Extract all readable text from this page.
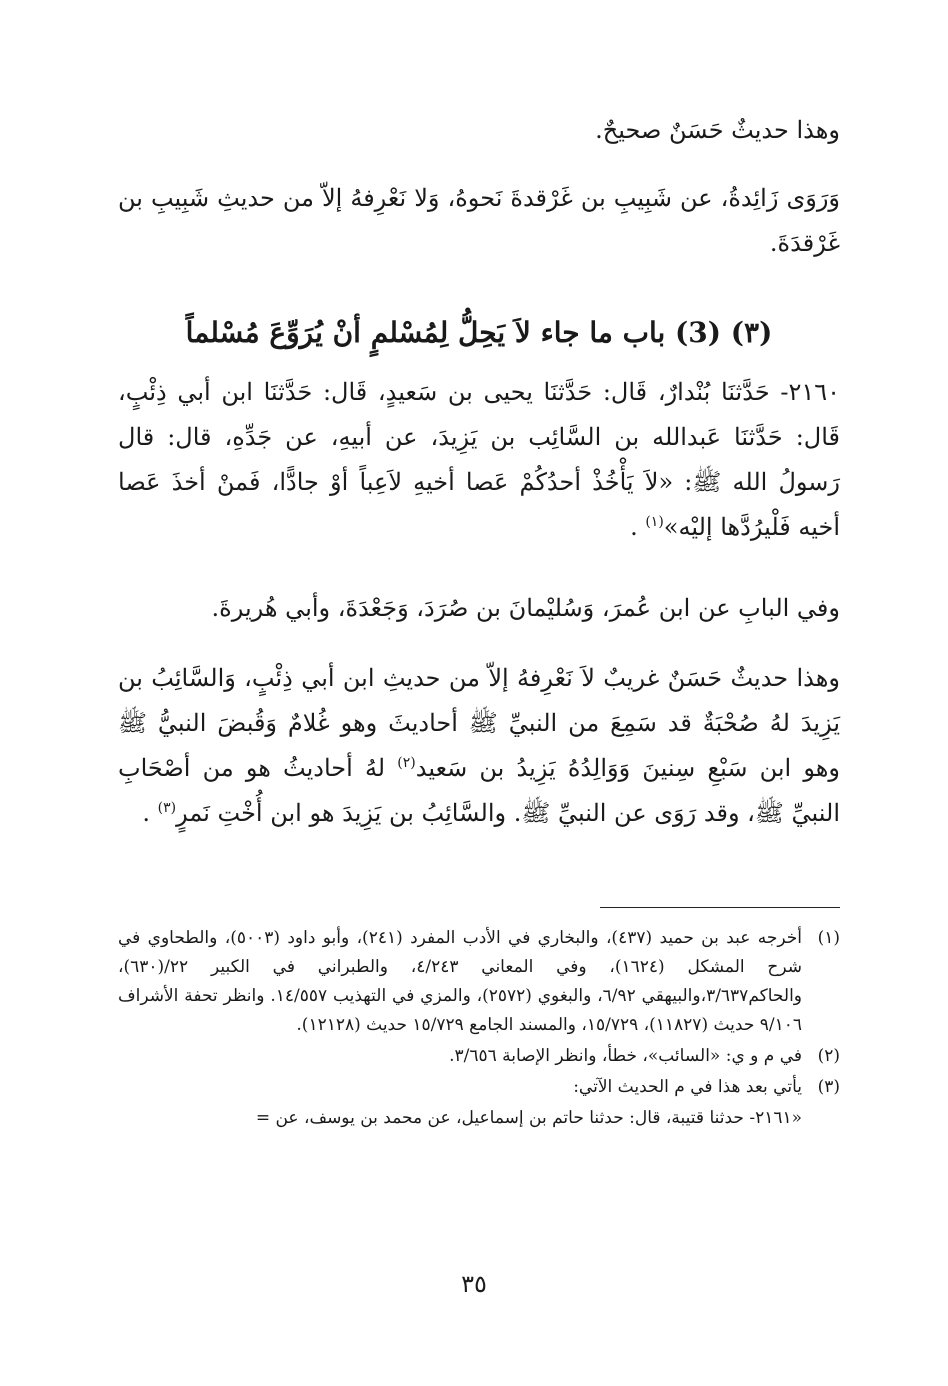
وهذا حديثٌ حَسَنٌ صحيحٌ.

وَرَوَى زَائِدةُ، عن شَبِيبِ بن غَرْقدةَ نَحوهُ، وَلا نَعْرِفهُ إلاّ من حديثِ شَبِيبِ بن غَرْقدَةَ.

(٣) (3) باب ما جاء لاَ يَحِلُّ لِمُسْلمٍ أنْ يُرَوِّعَ مُسْلماً

٢١٦٠- حَدَّثنَا بُنْدارٌ، قَال: حَدَّثنَا يحيى بن سَعيدٍ، قَال: حَدَّثنَا ابن أبي ذِئْبٍ، قَال: حَدَّثنَا عَبدالله بن السَّائِب بن يَزِيدَ، عن أبيهِ، عن جَدِّهِ، قال: قال رَسولُ الله ﷺ: «لاَ يَأْخُذْ أحدُكُمْ عَصا أخيهِ لاَعِباً أوْ جادًّا، فَمنْ أخذَ عَصا أخيه فَلْيرُدَّها إليْه»$^{(١)}$ .

وفي البابِ عن ابن عُمرَ، وَسُليْمانَ بن صُرَدَ، وَجَعْدَةَ، وأبي هُريرةَ.

وهذا حديثٌ حَسَنٌ غريبٌ لاَ نَعْرِفهُ إلاّ من حديثِ ابن أبي ذِئْبٍ، وَالسَّائِبُ بن يَزِيدَ لهُ صُحْبَةٌ قد سَمِعَ من النبيِّ ﷺ أحاديثَ وهو غُلامٌ وَقُبضَ النبيُّ ﷺ وهو ابن سَبْعِ سِنينَ وَوَالِدُهُ يَزِيدُ بن سَعيد$^{(٢)}$ لهُ أحاديثُ هو من أصْحَابِ النبيِّ ﷺ، وقد رَوَى عن النبيِّ ﷺ. والسَّائِبُ بن يَزِيدَ هو ابن أُخْتِ نَمرٍ$^{(٣)}$ .

(١)
أخرجه عبد بن حميد (٤٣٧)، والبخاري في الأدب المفرد (٢٤١)، وأبو داود (٥٠٠٣)، والطحاوي في شرح المشكل (١٦٢٤)، وفي المعاني ٤/٢٤٣، والطبراني في الكبير ٢٢/(٦٣٠)، والحاكم٣/٦٣٧،والبيهقي ٦/٩٢، والبغوي (٢٥٧٢)، والمزي في التهذيب ١٤/٥٥٧. وانظر تحفة الأشراف ٩/١٠٦ حديث (١١٨٢٧)، ١٥/٧٢٩، والمسند الجامع ١٥/٧٢٩ حديث (١٢١٢٨).
(٢)
في م و ي: «السائب»، خطأ، وانظر الإصابة ٣/٦٥٦.
(٣)
يأتي بعد هذا في م الحديث الآتي:
«٢١٦١- حدثنا قتيبة، قال: حدثنا حاتم بن إسماعيل، عن محمد بن يوسف، عن =
٣٥
